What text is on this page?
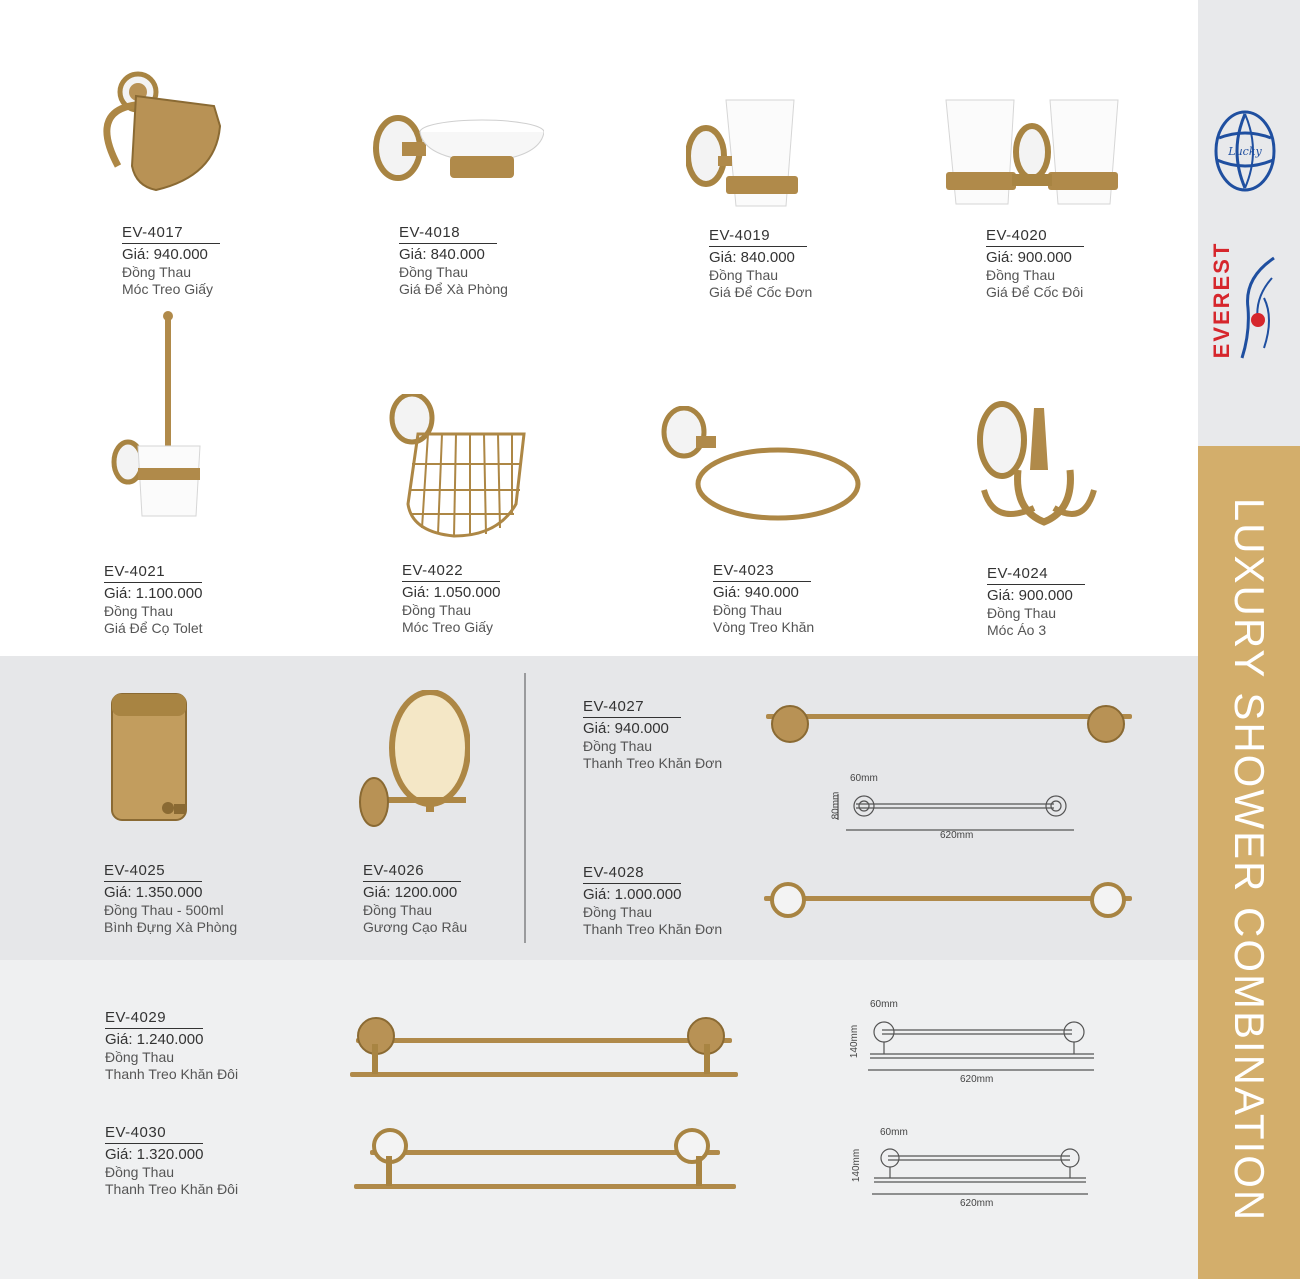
Lucky
EVEREST
LUXURY SHOWER COMBINATION
60mm
80mm
620mm
60mm
140mm
620mm
60mm
140mm
620mm
EV-4017
Giá: 940.000
Đồng Thau
Móc Treo Giấy
EV-4018
Giá: 840.000
Đồng Thau
Giá Để Xà Phòng
EV-4019
Giá: 840.000
Đồng Thau
Giá Để Cốc Đơn
EV-4020
Giá: 900.000
Đồng Thau
Giá Để Cốc Đôi
EV-4021
Giá: 1.100.000
Đồng Thau
Giá Để Cọ Tolet
EV-4022
Giá: 1.050.000
Đồng Thau
Móc Treo Giấy
EV-4023
Giá: 940.000
Đồng Thau
Vòng Treo Khăn
EV-4024
Giá: 900.000
Đồng Thau
Móc Áo 3
EV-4025
Giá: 1.350.000
Đồng Thau - 500ml
Bình Đựng Xà Phòng
EV-4026
Giá: 1200.000
Đồng Thau
Gương Cạo Râu
EV-4027
Giá: 940.000
Đồng Thau
Thanh Treo Khăn Đơn
EV-4028
Giá: 1.000.000
Đồng Thau
Thanh Treo Khăn Đơn
EV-4029
Giá: 1.240.000
Đồng Thau
Thanh Treo Khăn Đôi
EV-4030
Giá: 1.320.000
Đồng Thau
Thanh Treo Khăn Đôi
